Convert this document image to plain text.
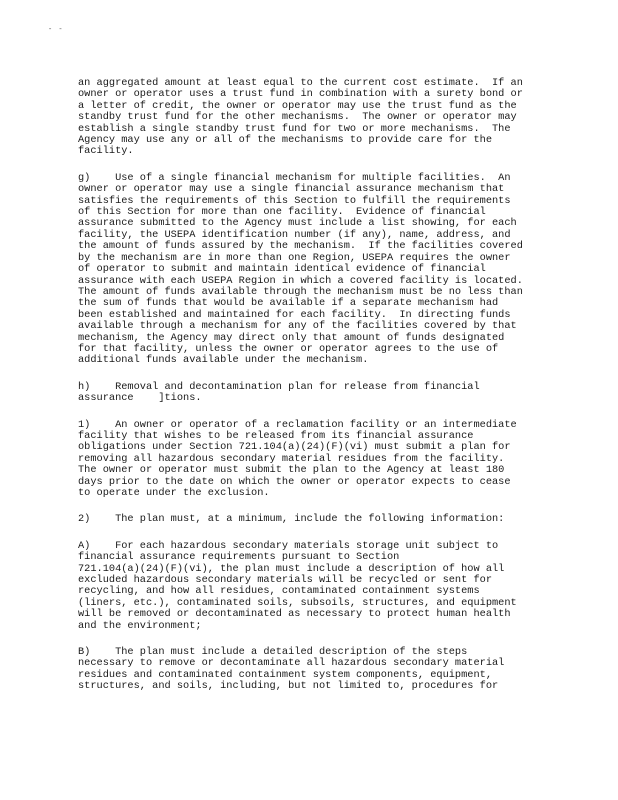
- -
an aggregated amount at least equal to the current cost estimate.  If an
owner or operator uses a trust fund in combination with a surety bond or
a letter of credit, the owner or operator may use the trust fund as the
standby trust fund for the other mechanisms.  The owner or operator may
establish a single standby trust fund for two or more mechanisms.  The
Agency may use any or all of the mechanisms to provide care for the
facility.
g)    Use of a single financial mechanism for multiple facilities.  An
owner or operator may use a single financial assurance mechanism that
satisfies the requirements of this Section to fulfill the requirements
of this Section for more than one facility.  Evidence of financial
assurance submitted to the Agency must include a list showing, for each
facility, the USEPA identification number (if any), name, address, and
the amount of funds assured by the mechanism.  If the facilities covered
by the mechanism are in more than one Region, USEPA requires the owner
of operator to submit and maintain identical evidence of financial
assurance with each USEPA Region in which a covered facility is located.
The amount of funds available through the mechanism must be no less than
the sum of funds that would be available if a separate mechanism had
been established and maintained for each facility.  In directing funds
available through a mechanism for any of the facilities covered by that
mechanism, the Agency may direct only that amount of funds designated
for that facility, unless the owner or operator agrees to the use of
additional funds available under the mechanism.
h)    Removal and decontamination plan for release from financial
assurance    ]tions.
1)    An owner or operator of a reclamation facility or an intermediate
facility that wishes to be released from its financial assurance
obligations under Section 721.104(a)(24)(F)(vi) must submit a plan for
removing all hazardous secondary material residues from the facility.
The owner or operator must submit the plan to the Agency at least 180
days prior to the date on which the owner or operator expects to cease
to operate under the exclusion.
2)    The plan must, at a minimum, include the following information:
A)    For each hazardous secondary materials storage unit subject to
financial assurance requirements pursuant to Section
721.104(a)(24)(F)(vi), the plan must include a description of how all
excluded hazardous secondary materials will be recycled or sent for
recycling, and how all residues, contaminated containment systems
(liners, etc.), contaminated soils, subsoils, structures, and equipment
will be removed or decontaminated as necessary to protect human health
and the environment;
B)    The plan must include a detailed description of the steps
necessary to remove or decontaminate all hazardous secondary material
residues and contaminated containment system components, equipment,
structures, and soils, including, but not limited to, procedures for
